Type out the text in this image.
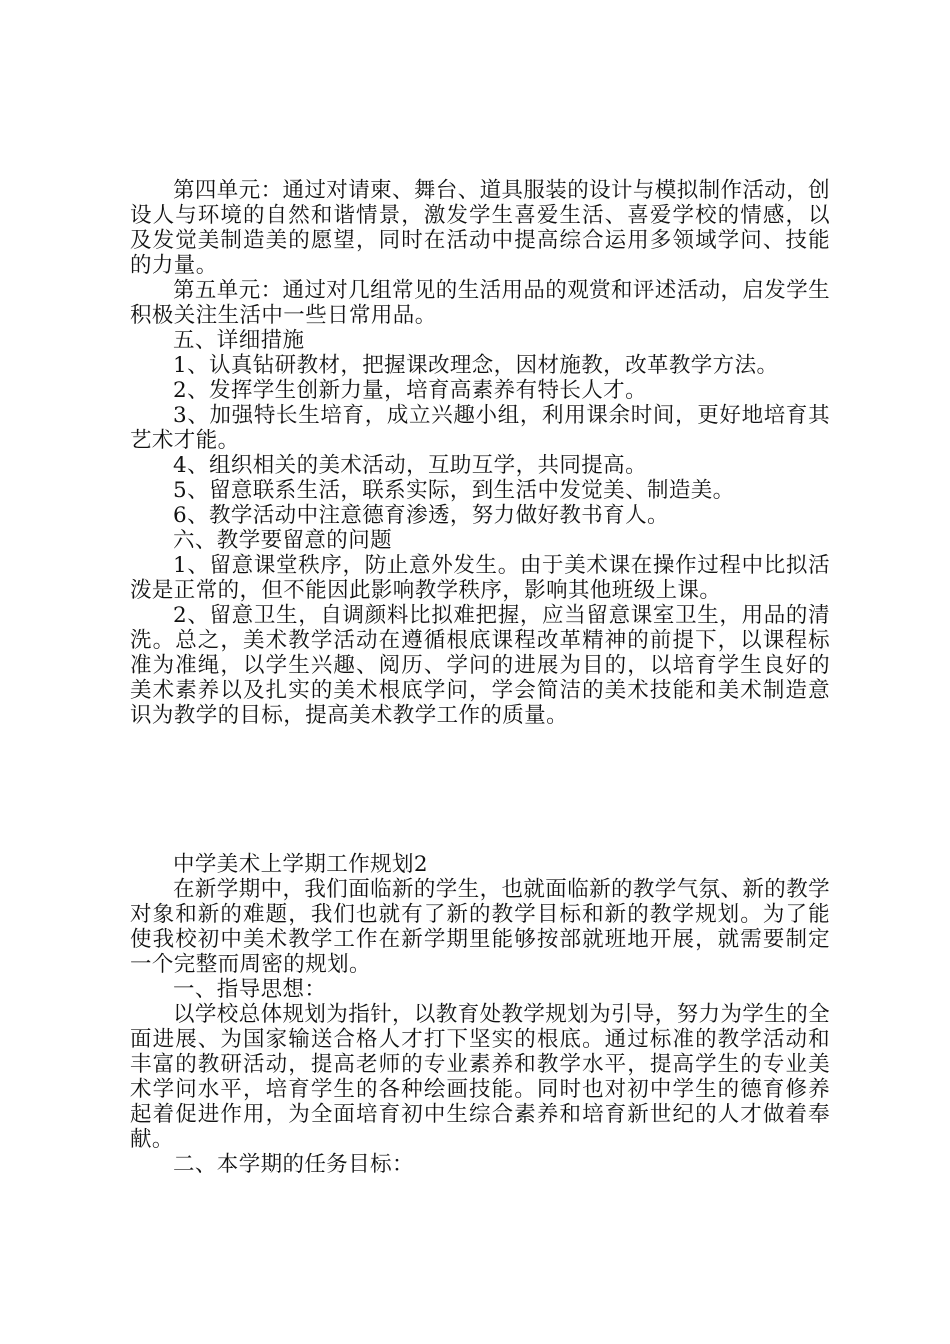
第四单元：通过对请柬、舞台、道具服装的设计与模拟制作活动，创设人与环境的自然和谐情景，激发学生喜爱生活、喜爱学校的情感，以及发觉美制造美的愿望，同时在活动中提高综合运用多领域学问、技能的力量。

第五单元：通过对几组常见的生活用品的观赏和评述活动，启发学生积极关注生活中一些日常用品。

五、详细措施

1、认真钻研教材，把握课改理念，因材施教，改革教学方法。

2、发挥学生创新力量，培育高素养有特长人才。

3、加强特长生培育，成立兴趣小组，利用课余时间，更好地培育其艺术才能。

4、组织相关的美术活动，互助互学，共同提高。

5、留意联系生活，联系实际，到生活中发觉美、制造美。

6、教学活动中注意德育渗透，努力做好教书育人。

六、教学要留意的问题

1、留意课堂秩序，防止意外发生。由于美术课在操作过程中比拟活泼是正常的，但不能因此影响教学秩序，影响其他班级上课。

2、留意卫生，自调颜料比拟难把握，应当留意课室卫生，用品的清洗。总之，美术教学活动在遵循根底课程改革精神的前提下，以课程标准为准绳，以学生兴趣、阅历、学问的进展为目的，以培育学生良好的美术素养以及扎实的美术根底学问，学会简洁的美术技能和美术制造意识为教学的目标，提高美术教学工作的质量。

中学美术上学期工作规划2

在新学期中，我们面临新的学生，也就面临新的教学气氛、新的教学对象和新的难题，我们也就有了新的教学目标和新的教学规划。为了能使我校初中美术教学工作在新学期里能够按部就班地开展，就需要制定一个完整而周密的规划。

一、指导思想：

以学校总体规划为指针，以教育处教学规划为引导，努力为学生的全面进展、为国家输送合格人才打下坚实的根底。通过标准的教学活动和丰富的教研活动，提高老师的专业素养和教学水平，提高学生的专业美术学问水平，培育学生的各种绘画技能。同时也对初中学生的德育修养起着促进作用，为全面培育初中生综合素养和培育新世纪的人才做着奉献。

二、本学期的任务目标：
